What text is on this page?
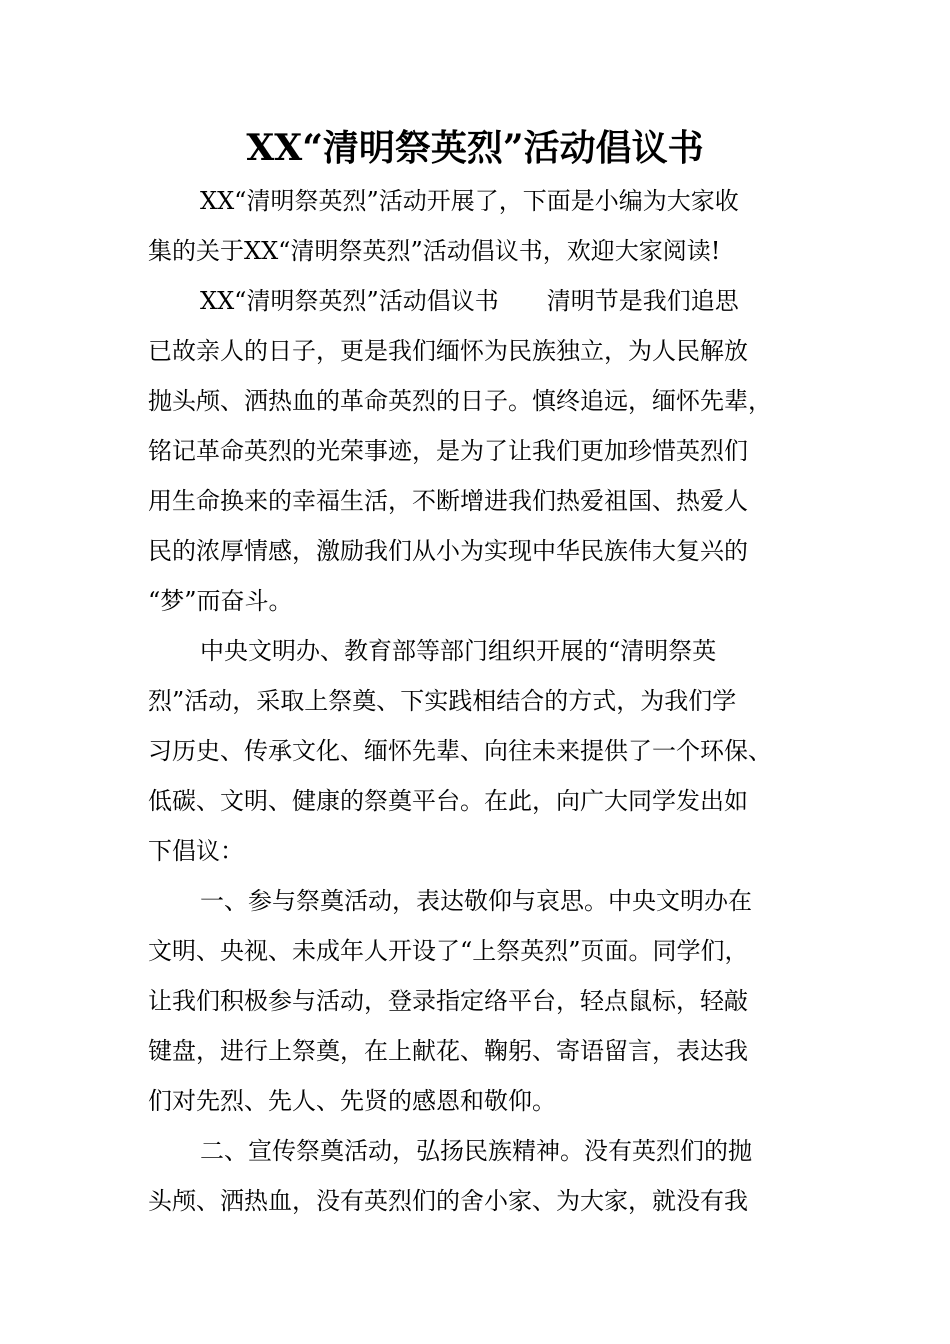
XX“清明祭英烈”活动倡议书
XX“清明祭英烈”活动开展了，下面是小编为大家收
集的关于XX“清明祭英烈”活动倡议书，欢迎大家阅读!
XX“清明祭英烈”活动倡议书　　清明节是我们追思
已故亲人的日子，更是我们缅怀为民族独立，为人民解放
抛头颅、洒热血的革命英烈的日子。慎终追远，缅怀先辈，
铭记革命英烈的光荣事迹，是为了让我们更加珍惜英烈们
用生命换来的幸福生活，不断增进我们热爱祖国、热爱人
民的浓厚情感，激励我们从小为实现中华民族伟大复兴的
“梦”而奋斗。
中央文明办、教育部等部门组织开展的“清明祭英
烈”活动，采取上祭奠、下实践相结合的方式，为我们学
习历史、传承文化、缅怀先辈、向往未来提供了一个环保、
低碳、文明、健康的祭奠平台。在此，向广大同学发出如
下倡议：
一、参与祭奠活动，表达敬仰与哀思。中央文明办在
文明、央视、未成年人开设了“上祭英烈”页面。同学们，
让我们积极参与活动，登录指定络平台，轻点鼠标，轻敲
键盘，进行上祭奠，在上献花、鞠躬、寄语留言，表达我
们对先烈、先人、先贤的感恩和敬仰。
二、宣传祭奠活动，弘扬民族精神。没有英烈们的抛
头颅、洒热血，没有英烈们的舍小家、为大家，就没有我
